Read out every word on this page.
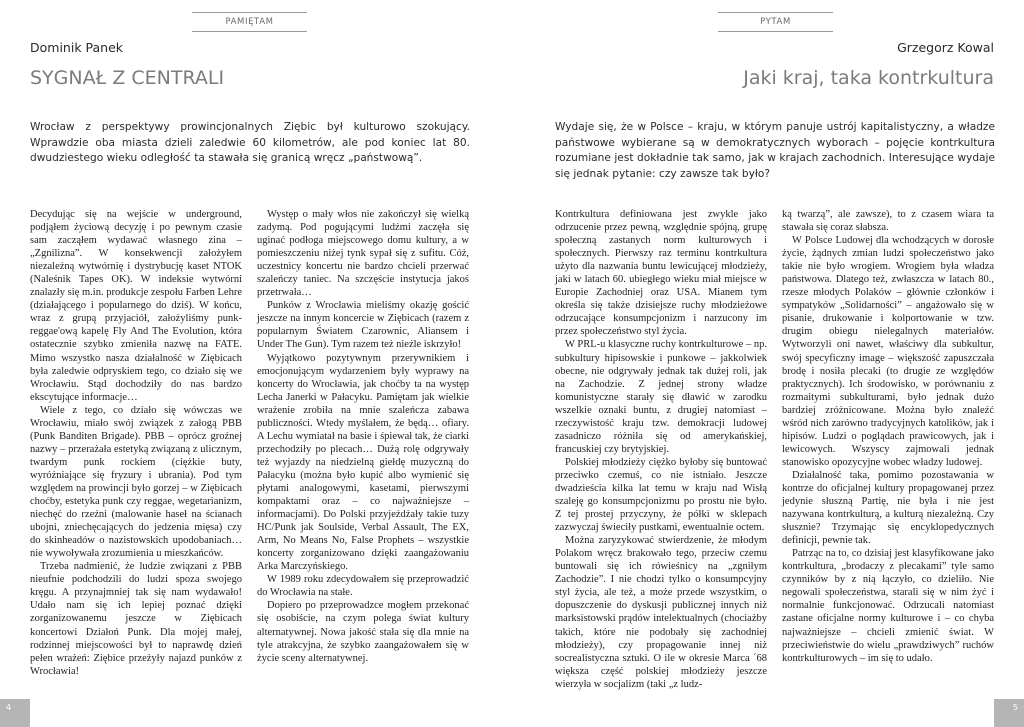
PAMIĘTAM
Dominik Panek
SYGNAŁ Z CENTRALI

Wrocław z perspektywy prowincjonalnych Ziębic był kulturowo szokujący. Wprawdzie oba miasta dzieli zaledwie 60 kilometrów, ale pod koniec lat 80. dwudziestego wieku odległość ta stawała się granicą wręcz „państwową”.

Decydując się na wejście w underground, podjąłem życiową decyzję i po pewnym czasie sam zacząłem wydawać własnego zina – „Zgnilizna”. W konsekwencji założyłem niezależną wytwórnię i dystrybucję kaset NTOK (Naleśnik Tapes OK). W indeksie wytwórni znalazły się m.in. produkcje zespołu Farben Lehre (działającego i popularnego do dziś). W końcu, wraz z grupą przyjaciół, założyliśmy punk-reggae'ową kapelę Fly And The Evolution, która ostatecznie szybko zmieniła nazwę na FATE. Mimo wszystko nasza działalność w Ziębicach była zaledwie odpryskiem tego, co działo się we Wrocławiu. Stąd dochodziły do nas bardzo ekscytujące informacje…

Wiele z tego, co działo się wówczas we Wrocławiu, miało swój związek z załogą PBB (Punk Banditen Brigade). PBB – oprócz groźnej nazwy – przerażała estetyką związaną z ulicznym, twardym punk rockiem (ciężkie buty, wyróżniające się fryzury i ubrania). Pod tym względem na prowincji było gorzej – w Ziębicach choćby, estetyka punk czy reggae, wegetarianizm, niechęć do rzeźni (malowanie haseł na ścianach ubojni, zniechęcających do jedzenia mięsa) czy do skinheadów o nazistowskich upodobaniach… nie wywoływała zrozumienia u mieszkańców.

Trzeba nadmienić, że ludzie związani z PBB nieufnie podchodzili do ludzi spoza swojego kręgu. A przynajmniej tak się nam wydawało! Udało nam się ich lepiej poznać dzięki zorganizowanemu jeszcze w Ziębicach koncertowi Działoń Punk. Dla mojej małej, rodzinnej miejscowości był to naprawdę dzień pełen wrażeń: Ziębice przeżyły najazd punków z Wrocławia!

Występ o mały włos nie zakończył się wielką zadymą. Pod pogującymi ludźmi zaczęła się uginać podłoga miejscowego domu kultury, a w pomieszczeniu niżej tynk sypał się z sufitu. Cóż, uczestnicy koncertu nie bardzo chcieli przerwać szaleńczy taniec. Na szczęście instytucja jakoś przetrwała…

Punków z Wrocławia mieliśmy okazję gościć jeszcze na innym koncercie w Ziębicach (razem z popularnym Światem Czarownic, Aliansem i Under The Gun). Tym razem też nieźle iskrzyło!

Wyjątkowo pozytywnym przerywnikiem i emocjonującym wydarzeniem były wyprawy na koncerty do Wrocławia, jak choćby ta na występ Lecha Janerki w Pałacyku. Pamiętam jak wielkie wrażenie zrobiła na mnie szaleńcza zabawa publiczności. Wtedy myślałem, że będą… ofiary. A Lechu wymiatał na basie i śpiewał tak, że ciarki przechodziły po plecach… Dużą rolę odgrywały też wyjazdy na niedzielną giełdę muzyczną do Pałacyku (można było kupić albo wymienić się płytami analogowymi, kasetami, pierwszymi kompaktami oraz – co najważniejsze – informacjami). Do Polski przyjeżdżały takie tuzy HC/Punk jak Soulside, Verbal Assault, The EX, Arm, No Means No, False Prophets – wszystkie koncerty zorganizowano dzięki zaangażowaniu Arka Marczyńskiego.

W 1989 roku zdecydowałem się przeprowadzić do Wrocławia na stałe.

Dopiero po przeprowadzce mogłem przekonać się osobiście, na czym polega świat kultury alternatywnej. Nowa jakość stała się dla mnie na tyle atrakcyjna, że szybko zaangażowałem się w życie sceny alternatywnej.

4
PYTAM
Grzegorz Kowal
Jaki kraj, taka kontrkultura

Wydaje się, że w Polsce – kraju, w którym panuje ustrój kapitalistyczny, a władze państwowe wybierane są w demokratycznych wyborach – pojęcie kontrkultura rozumiane jest dokładnie tak samo, jak w krajach zachodnich. Interesujące wydaje się jednak pytanie: czy zawsze tak było?

Kontrkultura definiowana jest zwykle jako odrzucenie przez pewną, względnie spójną, grupę społeczną zastanych norm kulturowych i społecznych. Pierwszy raz terminu kontrkultura użyto dla nazwania buntu lewicującej młodzieży, jaki w latach 60. ubiegłego wieku miał miejsce w Europie Zachodniej oraz USA. Mianem tym określa się także dzisiejsze ruchy młodzieżowe odrzucające konsumpcjonizm i narzucony im przez społeczeństwo styl życia.

W PRL-u klasyczne ruchy kontrkulturowe – np. subkultury hipisowskie i punkowe – jakkolwiek obecne, nie odgrywały jednak tak dużej roli, jak na Zachodzie. Z jednej strony władze komunistyczne starały się dławić w zarodku wszelkie oznaki buntu, z drugiej natomiast – rzeczywistość kraju tzw. demokracji ludowej zasadniczo różniła się od amerykańskiej, francuskiej czy brytyjskiej.

Polskiej młodzieży ciężko byłoby się buntować przeciwko czemuś, co nie istniało. Jeszcze dwadzieścia kilka lat temu w kraju nad Wisłą szaleję go konsumpcjonizmu po prostu nie było. Z tej prostej przyczyny, że półki w sklepach zazwyczaj świeciły pustkami, ewentualnie octem.

Można zaryzykować stwierdzenie, że młodym Polakom wręcz brakowało tego, przeciw czemu buntowali się ich rówieśnicy na „zgniłym Zachodzie”. I nie chodzi tylko o konsumpcyjny styl życia, ale też, a może przede wszystkim, o dopuszczenie do dyskusji publicznej innych niż marksistowski prądów intelektualnych (chociażby takich, które nie podobały się zachodniej młodzieży), czy propagowanie innej niż socrealistyczna sztuki. O ile w okresie Marca ´68 większa część polskiej młodzieży jeszcze wierzyła w socjalizm (taki „z ludz-

ką twarzą”, ale zawsze), to z czasem wiara ta stawała się coraz słabsza.

W Polsce Ludowej dla wchodzących w dorosłe życie, żądnych zmian ludzi społeczeństwo jako takie nie było wrogiem. Wrogiem była władza państwowa. Dlatego też, zwłaszcza w latach 80., rzesze młodych Polaków – głównie członków i sympatyków „Solidarności” – angażowało się w pisanie, drukowanie i kolportowanie w tzw. drugim obiegu nielegalnych materiałów. Wytworzyli oni nawet, właściwy dla subkultur, swój specyficzny image – większość zapuszczała brodę i nosiła plecaki (to drugie ze względów praktycznych). Ich środowisko, w porównaniu z rozmaitymi subkulturami, było jednak dużo bardziej zróżnicowane. Można było znaleźć wśród nich zarówno tradycyjnych katolików, jak i hipisów. Ludzi o poglądach prawicowych, jak i lewicowych. Wszyscy zajmowali jednak stanowisko opozycyjne wobec władzy ludowej.

Działalność taka, pomimo pozostawania w kontrze do oficjalnej kultury propagowanej przez jedynie słuszną Partię, nie była i nie jest nazywana kontrkulturą, a kulturą niezależną. Czy słusznie? Trzymając się encyklopedycznych definicji, pewnie tak.

Patrząc na to, co dzisiaj jest klasyfikowane jako kontrkultura, „brodaczy z plecakami” tyle samo czynników by z nią łączyło, co dzieliło. Nie negowali społeczeństwa, starali się w nim żyć i normalnie funkcjonować. Odrzucali natomiast zastane oficjalne normy kulturowe i – co chyba najważniejsze – chcieli zmienić świat. W przeciwieństwie do wielu „prawdziwych” ruchów kontrkulturowych – im się to udało.

5
